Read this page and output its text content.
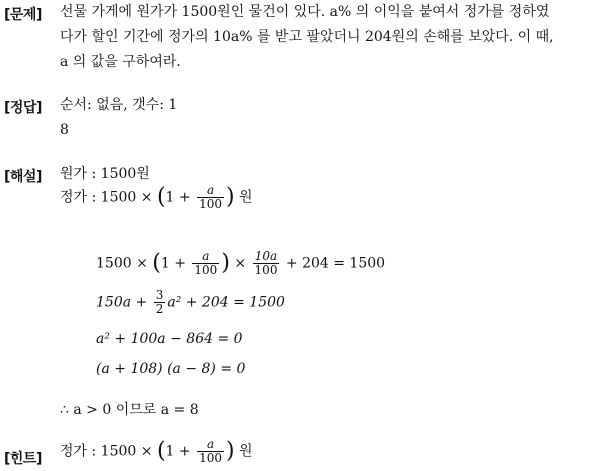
[문제] 선물 가게에 원가가 1500원인 물건이 있다. a% 의 이익을 붙여서 정가를 정하였
다가 할인 기간에 정가의 10a% 를 받고 팔았더니 204원의 손해를 보았다. 이 때,
a 의 값을 구하여라.
[정답] 순서: 없음, 갯수: 1
8
[해설] 원가 : 1500원
정가 : $1500 \times (1 + \frac{a}{100}$ ) 원
$1500 \times (1 + \frac{a}{100}$ ) × $\frac{10a}{100} + 204 = 1500$
$150a + \frac{3}{2} a^2 + 204 = 1500$
a² + 100a − 864 = 0
(a + 108) (a − 8) = 0
∴ a > 0 이므로 a = 8
[힌트] 정가 : $1500 \times (1 + \frac{a}{100}$ ) 원
